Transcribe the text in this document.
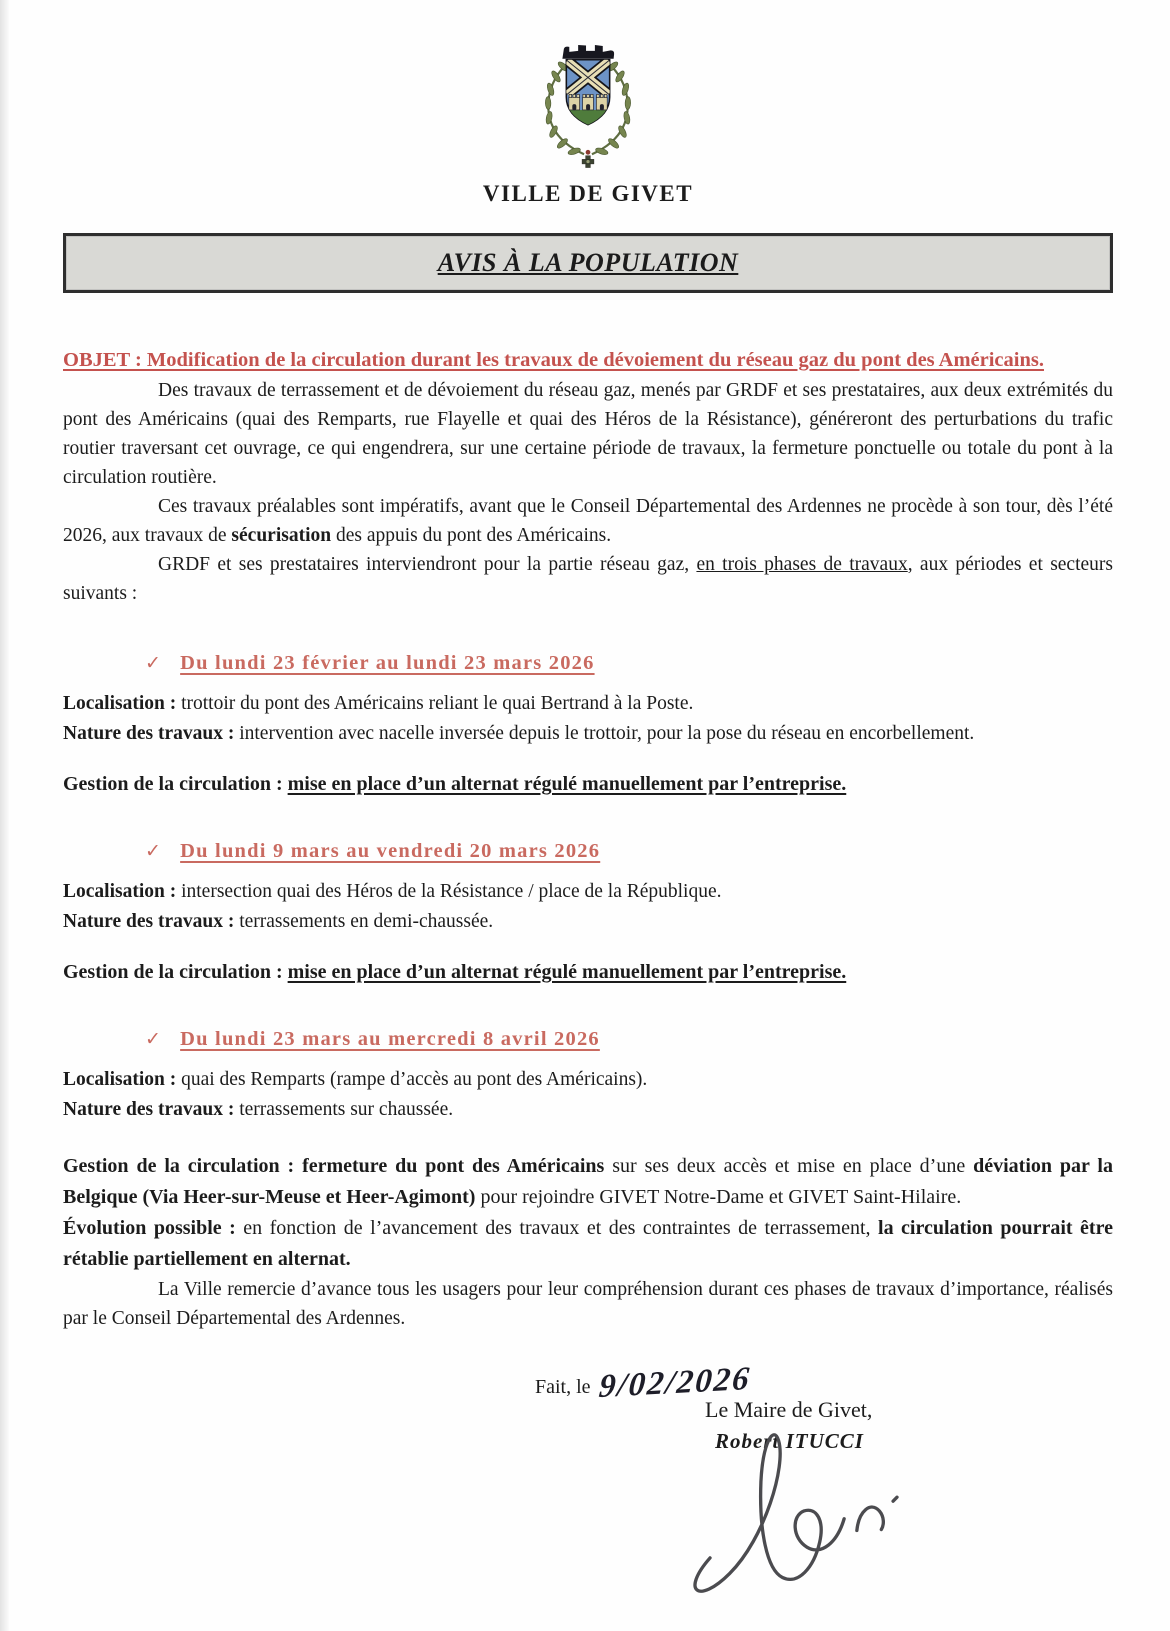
VILLE DE GIVET
AVIS À LA POPULATION
OBJET : Modification de la circulation durant les travaux de dévoiement du réseau gaz du pont des Américains.

Des travaux de terrassement et de dévoiement du réseau gaz, menés par GRDF et ses prestataires, aux deux extrémités du pont des Américains (quai des Remparts, rue Flayelle et quai des Héros de la Résistance), généreront des perturbations du trafic routier traversant cet ouvrage, ce qui engendrera, sur une certaine période de travaux, la fermeture ponctuelle ou totale du pont à la circulation routière.

Ces travaux préalables sont impératifs, avant que le Conseil Départemental des Ardennes ne procède à son tour, dès l’été 2026, aux travaux de sécurisation des appuis du pont des Américains.

GRDF et ses prestataires interviendront pour la partie réseau gaz, en trois phases de travaux, aux périodes et secteurs suivants :

✓ Du lundi 23 février au lundi 23 mars 2026

Localisation : trottoir du pont des Américains reliant le quai Bertrand à la Poste.

Nature des travaux : intervention avec nacelle inversée depuis le trottoir, pour la pose du réseau en encorbellement.

Gestion de la circulation : mise en place d’un alternat régulé manuellement par l’entreprise.

✓ Du lundi 9 mars au vendredi 20 mars 2026

Localisation : intersection quai des Héros de la Résistance / place de la République.

Nature des travaux : terrassements en demi-chaussée.

Gestion de la circulation : mise en place d’un alternat régulé manuellement par l’entreprise.

✓ Du lundi 23 mars au mercredi 8 avril 2026

Localisation : quai des Remparts (rampe d’accès au pont des Américains).

Nature des travaux : terrassements sur chaussée.

Gestion de la circulation : fermeture du pont des Américains sur ses deux accès et mise en place d’une déviation par la Belgique (Via Heer-sur-Meuse et Heer-Agimont) pour rejoindre GIVET Notre-Dame et GIVET Saint-Hilaire.

Évolution possible : en fonction de l’avancement des travaux et des contraintes de terrassement, la circulation pourrait être rétablie partiellement en alternat.

La Ville remercie d’avance tous les usagers pour leur compréhension durant ces phases de travaux d’importance, réalisés par le Conseil Départemental des Ardennes.

Fait, le 9/02/2026
Le Maire de Givet,
Robert ITUCCI
